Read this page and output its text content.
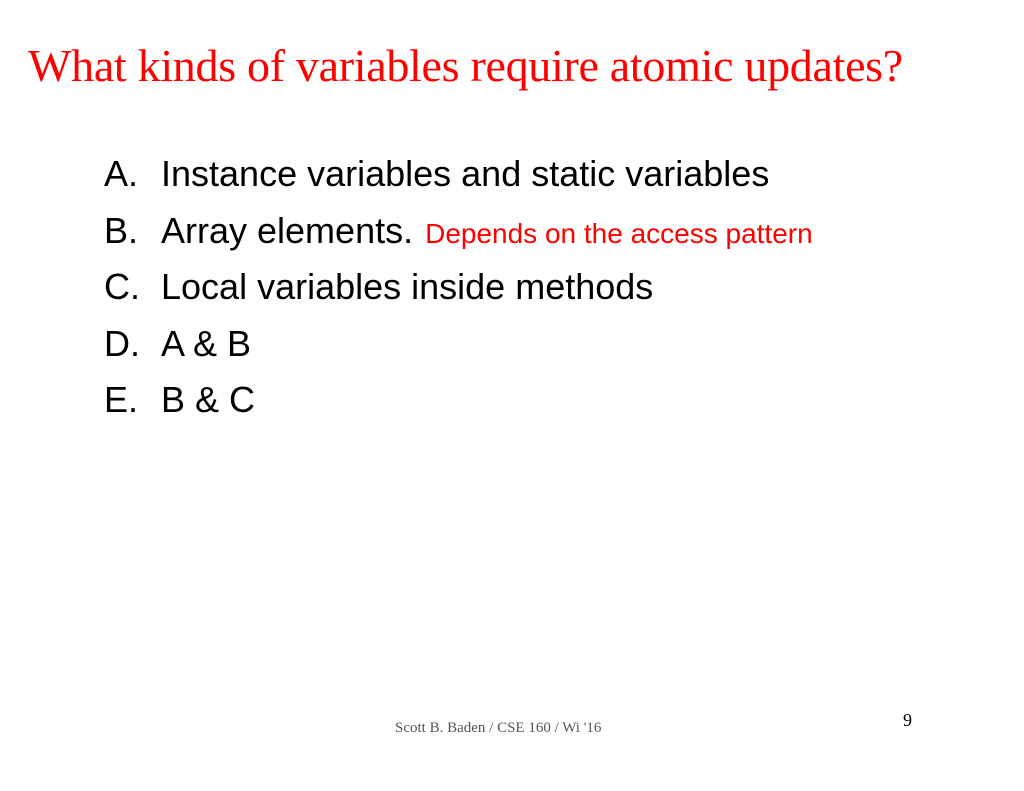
What kinds of variables require atomic updates?
A. Instance variables and static variables
B. Array elements. Depends on the access pattern
C. Local variables inside methods
D. A & B
E. B & C
Scott B. Baden / CSE 160 / Wi '16	9
